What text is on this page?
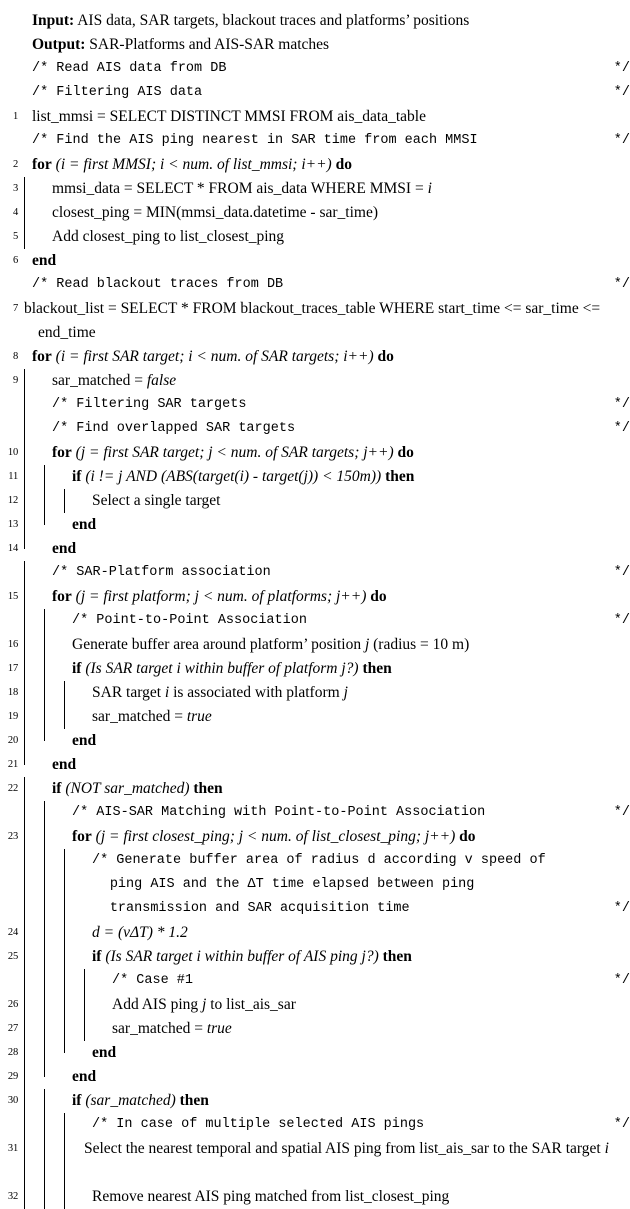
Input: AIS data, SAR targets, blackout traces and platforms’ positions
Output: SAR-Platforms and AIS-SAR matches
/* Read AIS data from DB	*/
/* Filtering AIS data	*/
1 list_mmsi = SELECT DISTINCT MMSI FROM ais_data_table
/* Find the AIS ping nearest in SAR time from each MMSI	*/
2 for (i = first MMSI; i < num. of list_mmsi; i++) do
3	mmsi_data = SELECT * FROM ais_data WHERE MMSI = i
4	closest_ping = MIN(mmsi_data.datetime - sar_time)
5	Add closest_ping to list_closest_ping
6 end
/* Read blackout traces from DB	*/
7 blackout_list = SELECT * FROM blackout_traces_table WHERE start_time <= sar_time <= end_time
8 for (i = first SAR target; i < num. of SAR targets; i++) do
9	sar_matched = false
/* Filtering SAR targets	*/
/* Find overlapped SAR targets	*/
10	for (j = first SAR target; j < num. of SAR targets; j++) do
11	if (i != j AND (ABS(target(i) - target(j)) < 150m)) then
12	Select a single target
13	end
14	end
/* SAR-Platform association	*/
15	for (j = first platform; j < num. of platforms; j++) do
/* Point-to-Point Association	*/
16	Generate buffer area around platform’ position j (radius = 10 m)
17	if (Is SAR target i within buffer of platform j?) then
18	SAR target i is associated with platform j
19	sar_matched = true
20	end
21	end
22	if (NOT sar_matched) then
/* AIS-SAR Matching with Point-to-Point Association	*/
23	for (j = first closest_ping; j < num. of list_closest_ping; j++) do
/* Generate buffer area of radius d according v speed of
ping AIS and the ΔT time elapsed between ping
transmission and SAR acquisition time	*/
24	d = (vΔT) * 1.2
25	if (Is SAR target i within buffer of AIS ping j?) then
/* Case #1	*/
26	Add AIS ping j to list_ais_sar
27	sar_matched = true
28	end
29	end
30	if (sar_matched) then
/* In case of multiple selected AIS pings	*/
31	Select the nearest temporal and spatial AIS ping from list_ais_sar to the SAR target i
32	Remove nearest AIS ping matched from list_closest_ping
